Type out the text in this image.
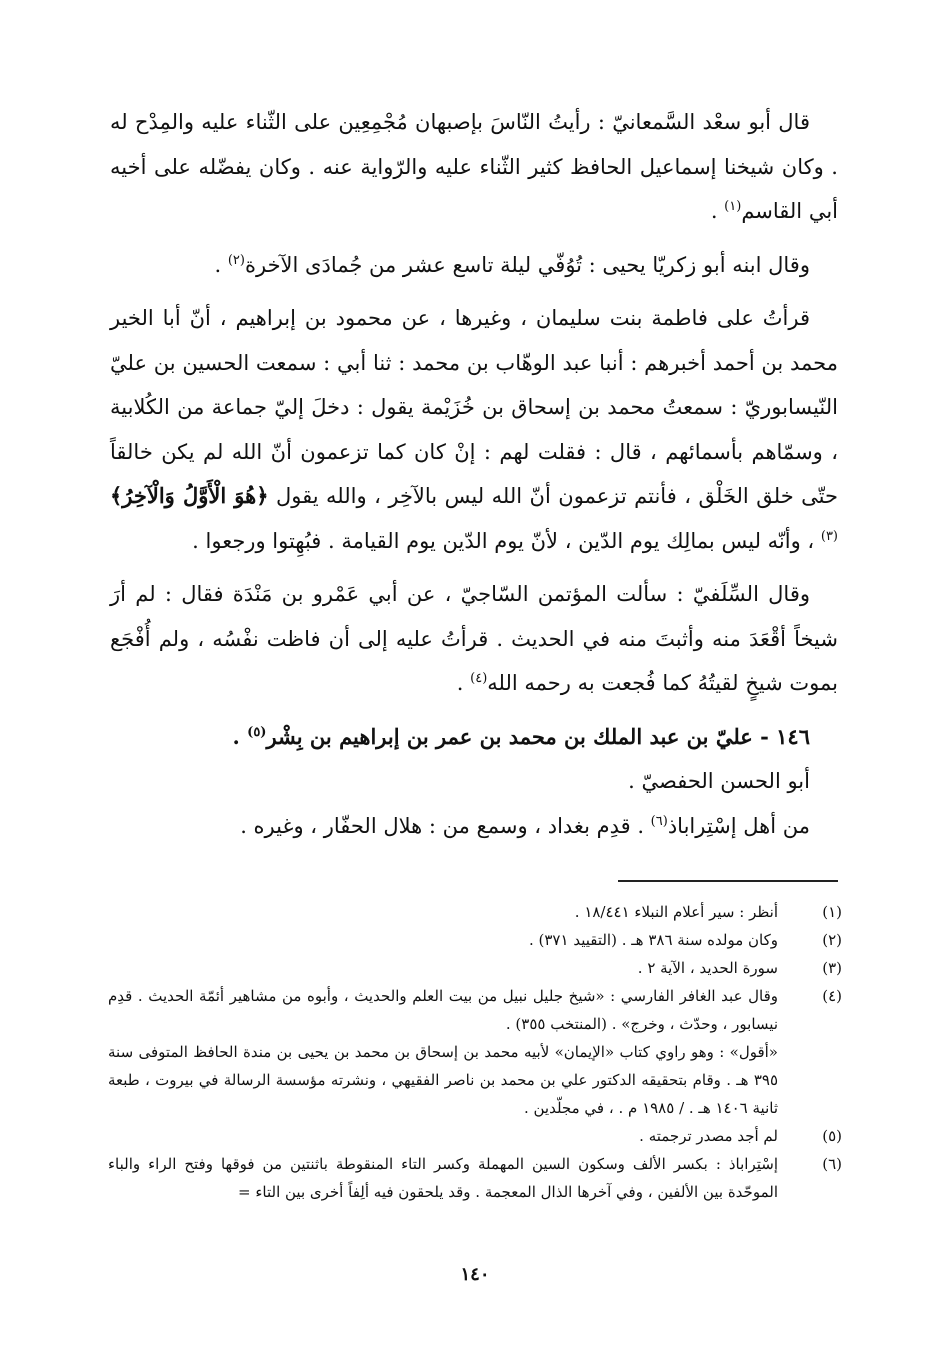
قال أبو سعْد السَّمعانيّ : رأيتُ النّاسَ بإصبهان مُجْمِعِين على الثّناء عليه والمِدْح له . وكان شيخنا إسماعيل الحافظ كثير الثّناء عليه والرّواية عنه . وكان يفضّله على أخيه أبي القاسم$^{(١)}$ .

وقال ابنه أبو زكريّا يحيى : تُوُفّي ليلة تاسع عشر من جُمادَى الآخرة$^{(٢)}$ .

قرأتُ على فاطمة بنت سليمان ، وغيرها ، عن محمود بن إبراهيم ، أنّ أبا الخير محمد بن أحمد أخبرهم : أنبا عبد الوهّاب بن محمد : ثنا أبي : سمعت الحسين بن عليّ النّيسابوريّ : سمعتُ محمد بن إسحاق بن خُزَيْمة يقول : دخلَ إليّ جماعة من الكُلابية ، وسمّاهم بأسمائهم ، قال : فقلت لهم : إنْ كان كما تزعمون أنّ الله لم يكن خالقاً حتّى خلق الخَلْق ، فأنتم تزعمون أنّ الله ليس بالآخِر ، والله يقول ﴿هُوَ الْأَوَّلُ وَالْآخِرُ﴾$^{(٣)}$ ، وأنّه ليس بمالِك يوم الدّين ، لأنّ يوم الدّين يوم القيامة . فبُهِتوا ورجعوا .

وقال السِّلَفيّ : سألت المؤتمن السّاجيّ ، عن أبي عَمْرو بن مَنْدَة فقال : لم أرَ شيخاً أقْعَدَ منه وأثبتَ منه في الحديث . قرأتُ عليه إلى أن فاظت نفْسُه ، ولم أُفْجَع بموت شيخٍ لقيتُهُ كما فُجعت به رحمه الله$^{(٤)}$ .

١٤٦ - عليّ بن عبد الملك بن محمد بن عمر بن إبراهيم بن بِشْر$^{(٥)}$ .

أبو الحسن الحفصيّ .

من أهل إسْتِراباذ$^{(٦)}$ . قدِم بغداد ، وسمع من : هلال الحفّار ، وغيره .

(١)

أنظر : سير أعلام النبلاء ١٨/٤٤١ .

(٢)

وكان مولده سنة ٣٨٦ هـ . (التقييد ٣٧١) .

(٣)

سورة الحديد ، الآية ٢ .

(٤)

وقال عبد الغافر الفارسي : «شيخ جليل نبيل من بيت العلم والحديث ، وأبوه من مشاهير أئمّة الحديث . قدِم نيسابور ، وحدّث ، وخرج» . (المنتخب ٣٥٥) .

«أقول» : وهو راوي كتاب «الإيمان» لأبيه محمد بن إسحاق بن محمد بن يحيى بن مندة الحافظ المتوفى سنة ٣٩٥ هـ . وقام بتحقيقه الدكتور علي بن محمد بن ناصر الفقيهي ، ونشرته مؤسسة الرسالة في بيروت ، طبعة ثانية ١٤٠٦ هـ . / ١٩٨٥ م . ، في مجلّدين .

(٥)

لم أجد مصدر ترجمته .

(٦)

إسْتِراباذ : بكسر الألف وسكون السين المهملة وكسر التاء المنقوطة باثنتين من فوقها وفتح الراء والباء الموحّدة بين الألفين ، وفي آخرها الذال المعجمة . وقد يلحقون فيه ألِفاً أخرى بين التاء =

١٤٠
